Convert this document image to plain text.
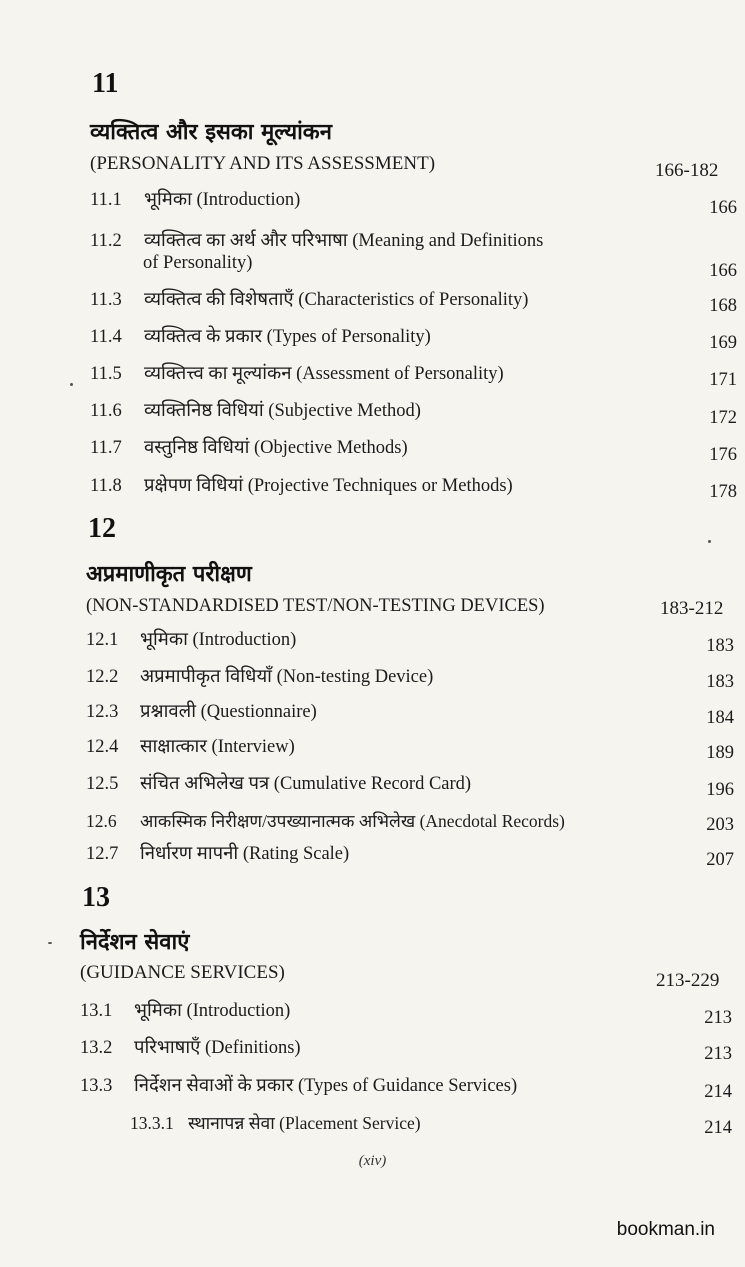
11
व्यक्तित्व और इसका मूल्यांकन
(PERSONALITY AND ITS ASSESSMENT)	166-182
11.1 भूमिका (Introduction)	166
11.2 व्यक्तित्व का अर्थ और परिभाषा (Meaning and Definitions
of Personality)	166
11.3 व्यक्तित्व की विशेषताएँ (Characteristics of Personality)	168
11.4 व्यक्तित्व के प्रकार (Types of Personality)	169
11.5 व्यक्तित्त्व का मूल्यांकन (Assessment of Personality)	171
11.6 व्यक्तिनिष्ठ विधियां (Subjective Method)	172
11.7 वस्तुनिष्ठ विधियां (Objective Methods)	176
11.8 प्रक्षेपण विधियां (Projective Techniques or Methods)	178
12
अप्रमाणीकृत परीक्षण
(NON-STANDARDISED TEST/NON-TESTING DEVICES)	183-212
12.1 भूमिका (Introduction)	183
12.2 अप्रमापीकृत विधियाँ (Non-testing Device)	183
12.3 प्रश्नावली (Questionnaire)	184
12.4 साक्षात्कार (Interview)	189
12.5 संचित अभिलेख पत्र (Cumulative Record Card)	196
12.6 आकस्मिक निरीक्षण/उपख्यानात्मक अभिलेख (Anecdotal Records)	203
12.7 निर्धारण मापनी (Rating Scale)	207
13
निर्देशन सेवाएं
(GUIDANCE SERVICES)	213-229
13.1 भूमिका (Introduction)	213
13.2 परिभाषाएँ (Definitions)	213
13.3 निर्देशन सेवाओं के प्रकार (Types of Guidance Services)	214
13.3.1 स्थानापन्न सेवा (Placement Service)	214
(xiv)
bookman.in
